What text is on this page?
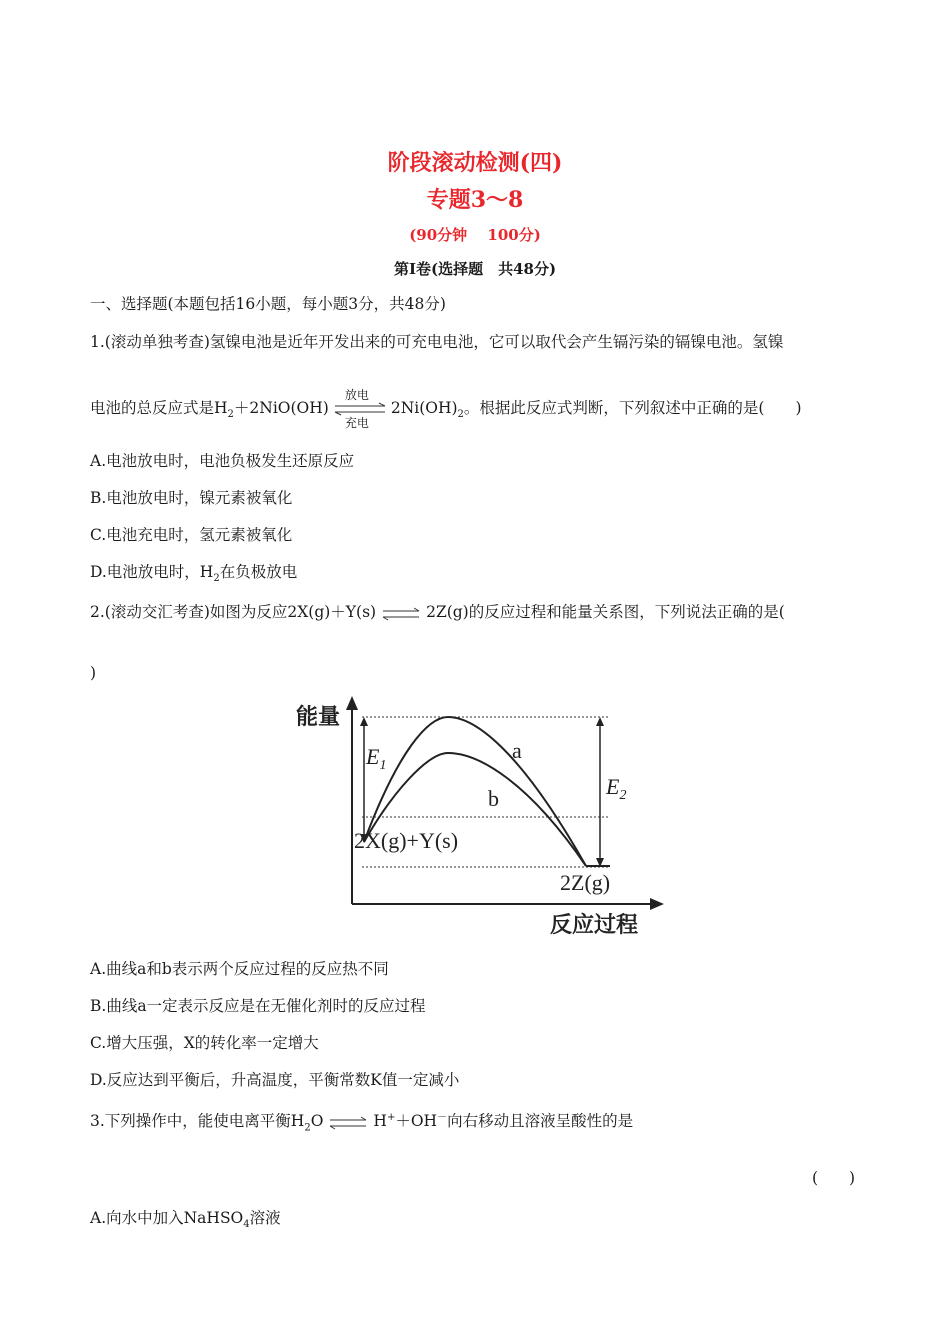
阶段滚动检测(四)
专题3～8
(90分钟　 100分)
第Ⅰ卷(选择题　共48分)
一、选择题(本题包括16小题，每小题3分，共48分)
1.(滚动单独考查)氢镍电池是近年开发出来的可充电电池，它可以取代会产生镉污染的镉镍电池。氢镍
电池的总反应式是$H_2+2NiO(OH)$
放电
充电
$2Ni(OH)_2$。根据此反应式判断，下列叙述中正确的是(　　)
A.电池放电时，电池负极发生还原反应
B.电池放电时，镍元素被氧化
C.电池充电时，氢元素被氧化
D.电池放电时，$H_2$在负极放电
2.(滚动交汇考查)如图为反应2X(g)＋Y(s) ⇌ 2Z(g)的反应过程和能量关系图，下列说法正确的是(
)
能量
反应过程
$E_1$
$E_2$
a
b
2X(g)+Y(s)
2Z(g)
A.曲线a和b表示两个反应过程的反应热不同
B.曲线a一定表示反应是在无催化剂时的反应过程
C.增大压强，X的转化率一定增大
D.反应达到平衡后，升高温度，平衡常数K值一定减小
3.下列操作中，能使电离平衡$H_2O$ ⇌ H+＋OH－向右移动且溶液呈酸性的是
(　　)
A.向水中加入NaHSO$_4$溶液
